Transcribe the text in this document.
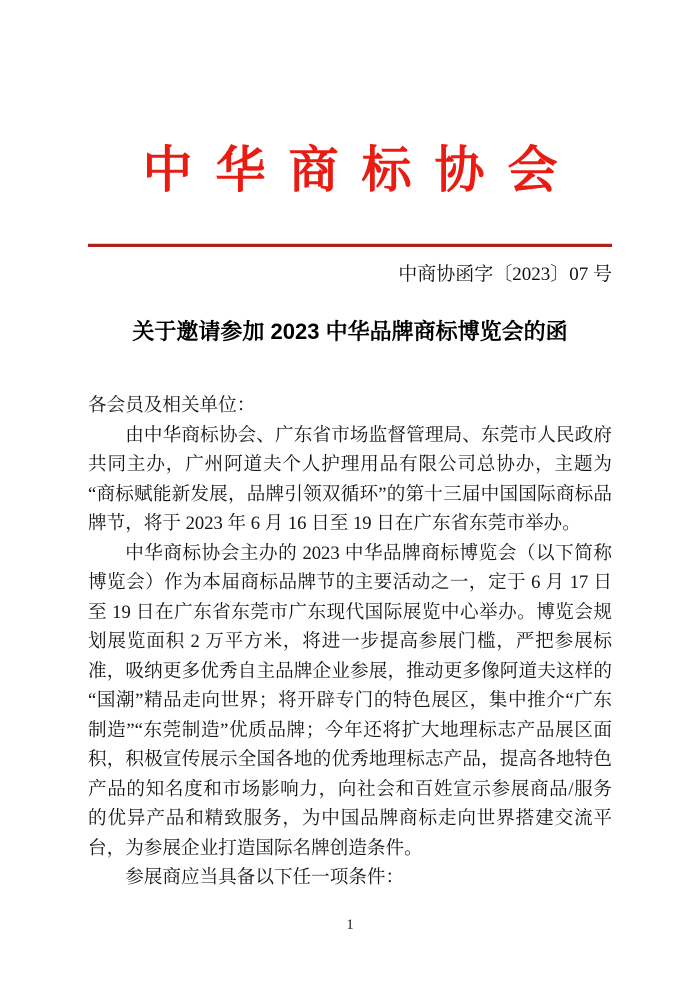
中华商标协会
中商协函字〔2023〕07 号
关于邀请参加 2023 中华品牌商标博览会的函

各会员及相关单位：

由中华商标协会、广东省市场监督管理局、东莞市人民政府共同主办，广州阿道夫个人护理用品有限公司总协办，主题为“商标赋能新发展，品牌引领双循环”的第十三届中国国际商标品牌节，将于 2023 年 6 月 16 日至 19 日在广东省东莞市举办。

中华商标协会主办的 2023 中华品牌商标博览会（以下简称博览会）作为本届商标品牌节的主要活动之一，定于 6 月 17 日至 19 日在广东省东莞市广东现代国际展览中心举办。博览会规划展览面积 2 万平方米，将进一步提高参展门槛，严把参展标准，吸纳更多优秀自主品牌企业参展，推动更多像阿道夫这样的“国潮”精品走向世界；将开辟专门的特色展区，集中推介“广东制造”“东莞制造”优质品牌；今年还将扩大地理标志产品展区面积，积极宣传展示全国各地的优秀地理标志产品，提高各地特色产品的知名度和市场影响力，向社会和百姓宣示参展商品/服务的优异产品和精致服务，为中国品牌商标走向世界搭建交流平台，为参展企业打造国际名牌创造条件。

参展商应当具备以下任一项条件：

1
